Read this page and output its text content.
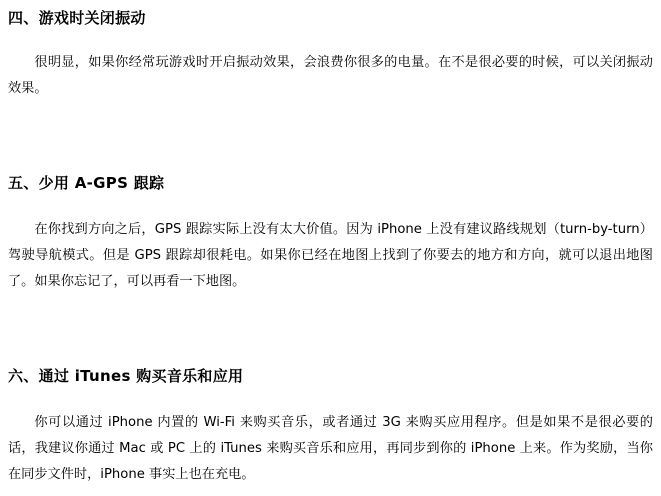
四、游戏时关闭振动

很明显，如果你经常玩游戏时开启振动效果，会浪费你很多的电量。在不是很必要的时候，可以关闭振动效果。

五、少用 A-GPS 跟踪

在你找到方向之后，GPS 跟踪实际上没有太大价值。因为 iPhone 上没有建议路线规划（turn-by-turn）驾驶导航模式。但是 GPS 跟踪却很耗电。如果你已经在地图上找到了你要去的地方和方向，就可以退出地图了。如果你忘记了，可以再看一下地图。

六、通过 iTunes 购买音乐和应用

你可以通过 iPhone 内置的 Wi-Fi 来购买音乐，或者通过 3G 来购买应用程序。但是如果不是很必要的话，我建议你通过 Mac 或 PC 上的 iTunes 来购买音乐和应用，再同步到你的 iPhone 上来。作为奖励，当你在同步文件时，iPhone 事实上也在充电。
